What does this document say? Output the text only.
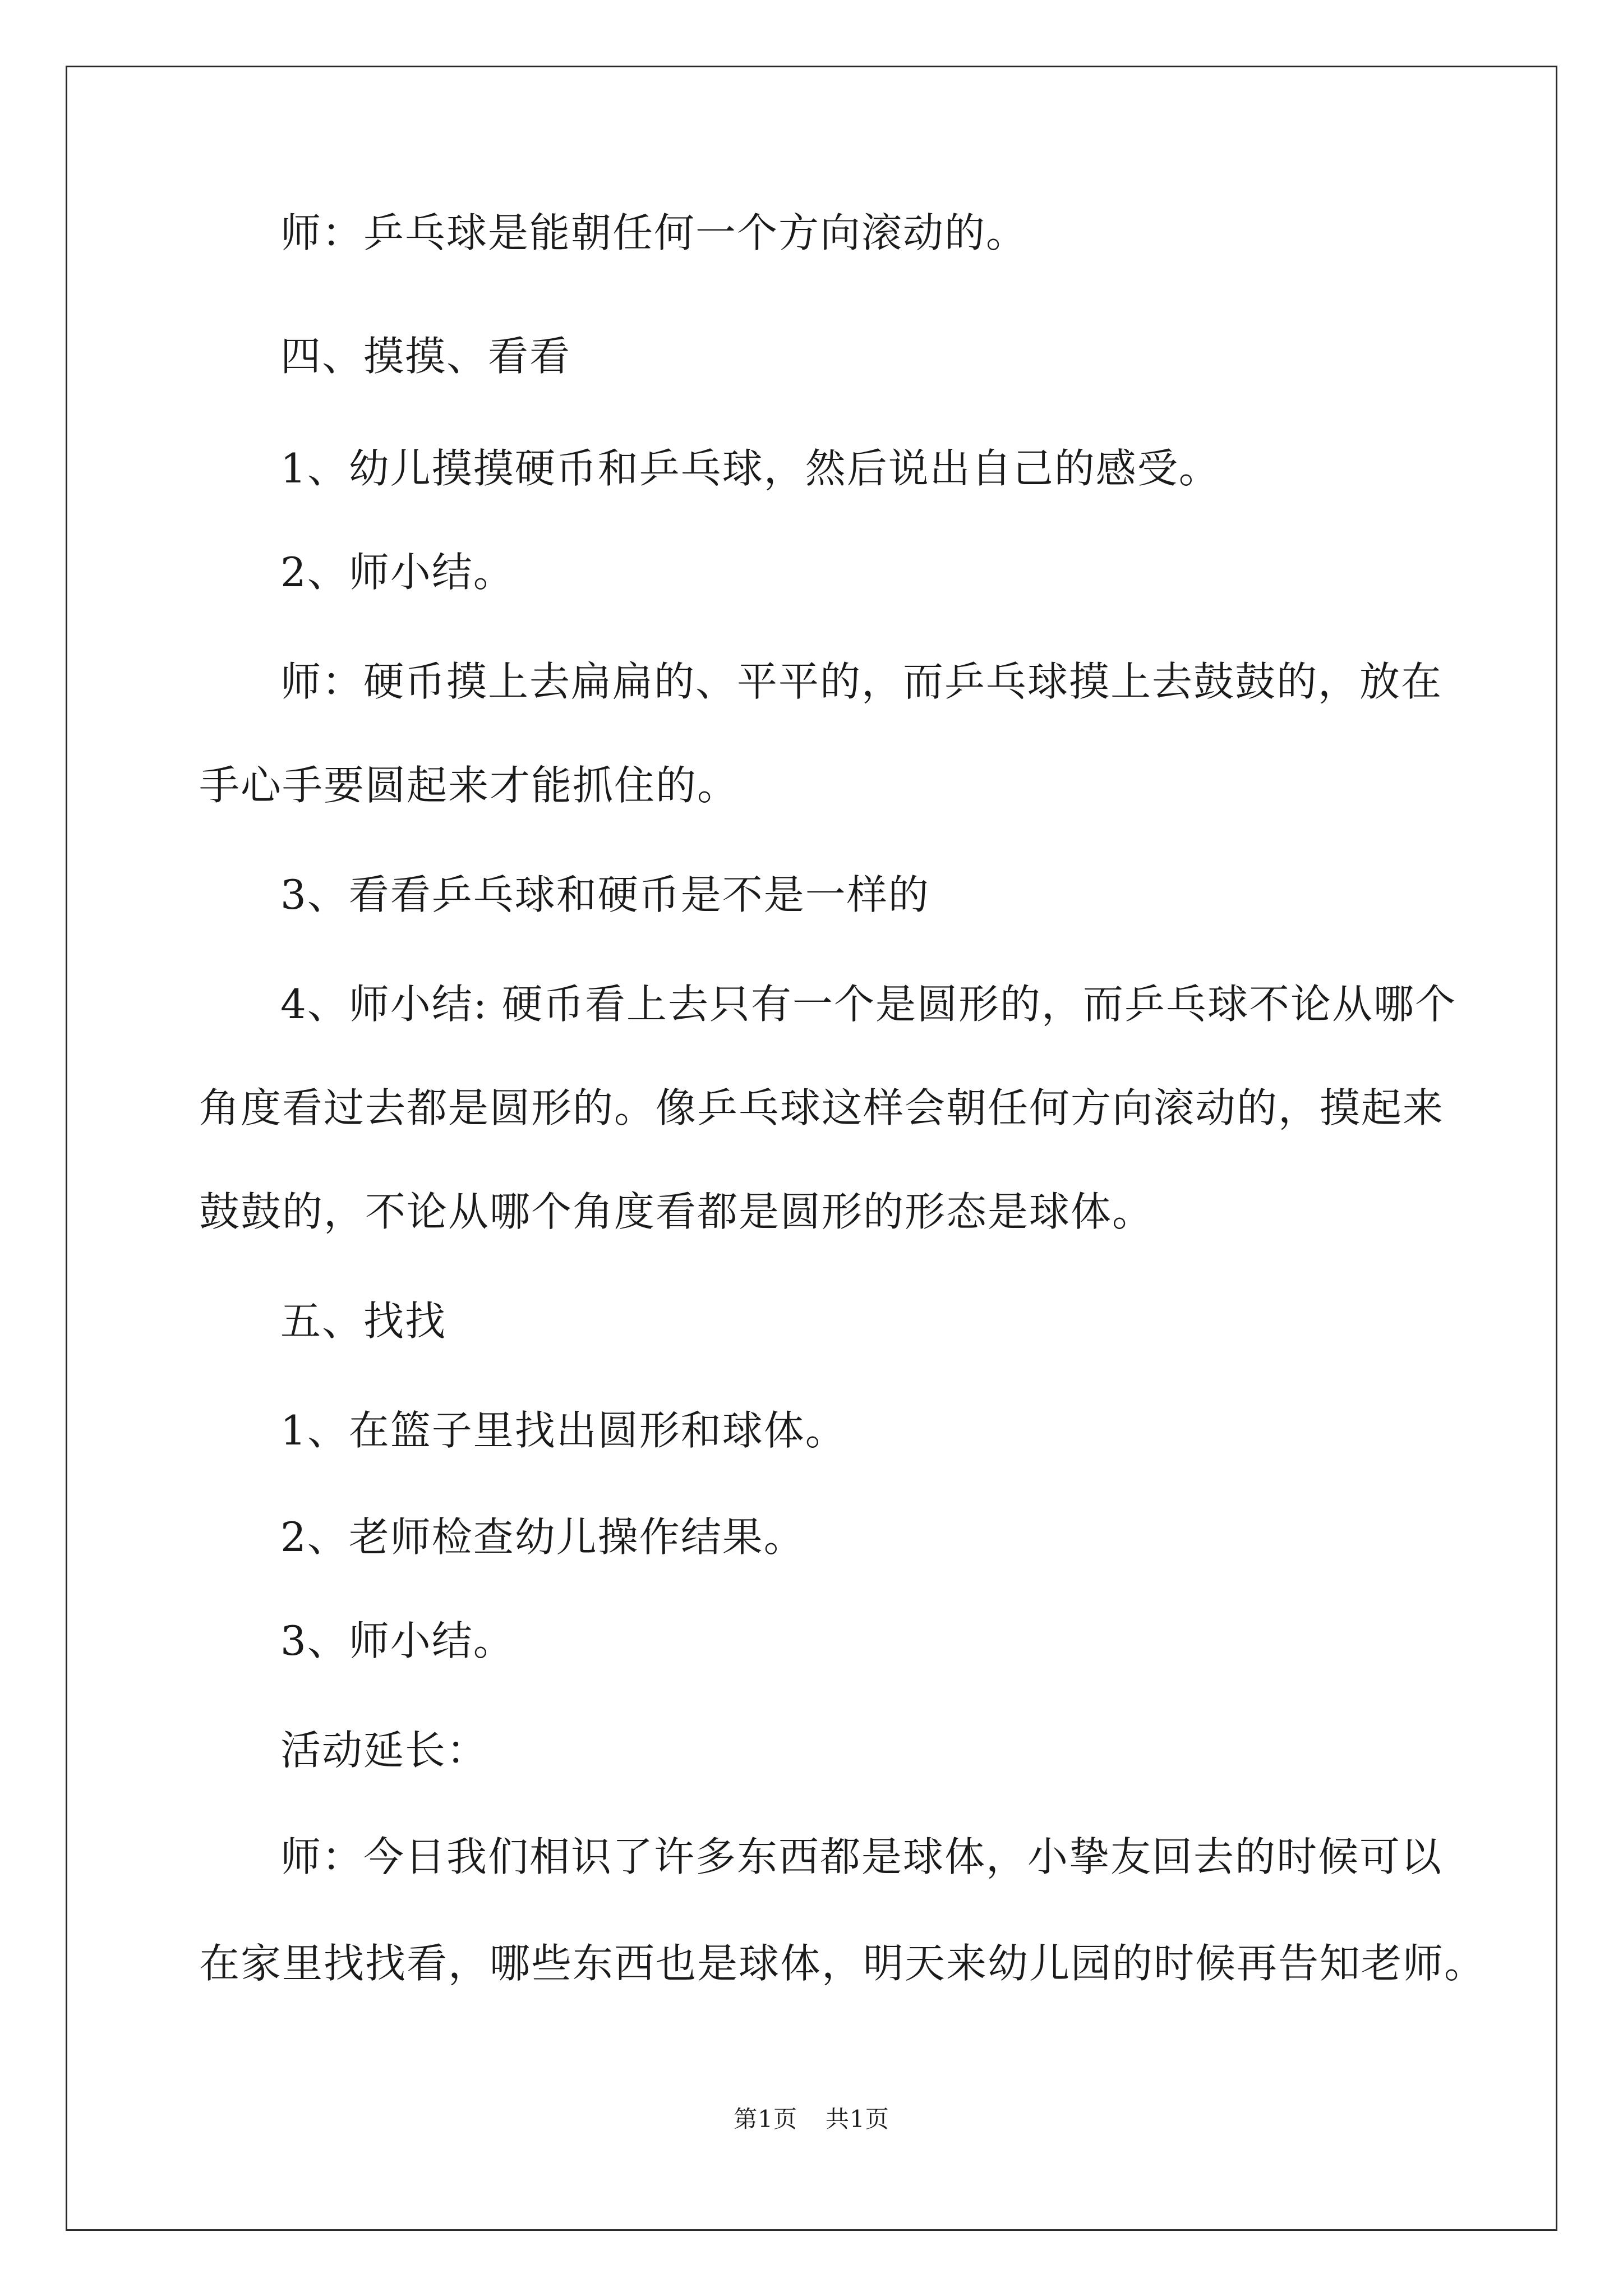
师：乒乓球是能朝任何一个方向滚动的。
四、摸摸、看看
1、幼儿摸摸硬币和乒乓球，然后说出自己的感受。
2、师小结。
师：硬币摸上去扁扁的、平平的，而乒乓球摸上去鼓鼓的，放在
手心手要圆起来才能抓住的。
3、看看乒乓球和硬币是不是一样的
4、师小结: 硬币看上去只有一个是圆形的，而乒乓球不论从哪个
角度看过去都是圆形的。像乒乓球这样会朝任何方向滚动的，摸起来
鼓鼓的，不论从哪个角度看都是圆形的形态是球体。
五、找找
1、在篮子里找出圆形和球体。
2、老师检查幼儿操作结果。
3、师小结。
活动延长：
师：今日我们相识了许多东西都是球体，小挚友回去的时候可以
在家里找找看，哪些东西也是球体，明天来幼儿园的时候再告知老师。
第1页 共1页
